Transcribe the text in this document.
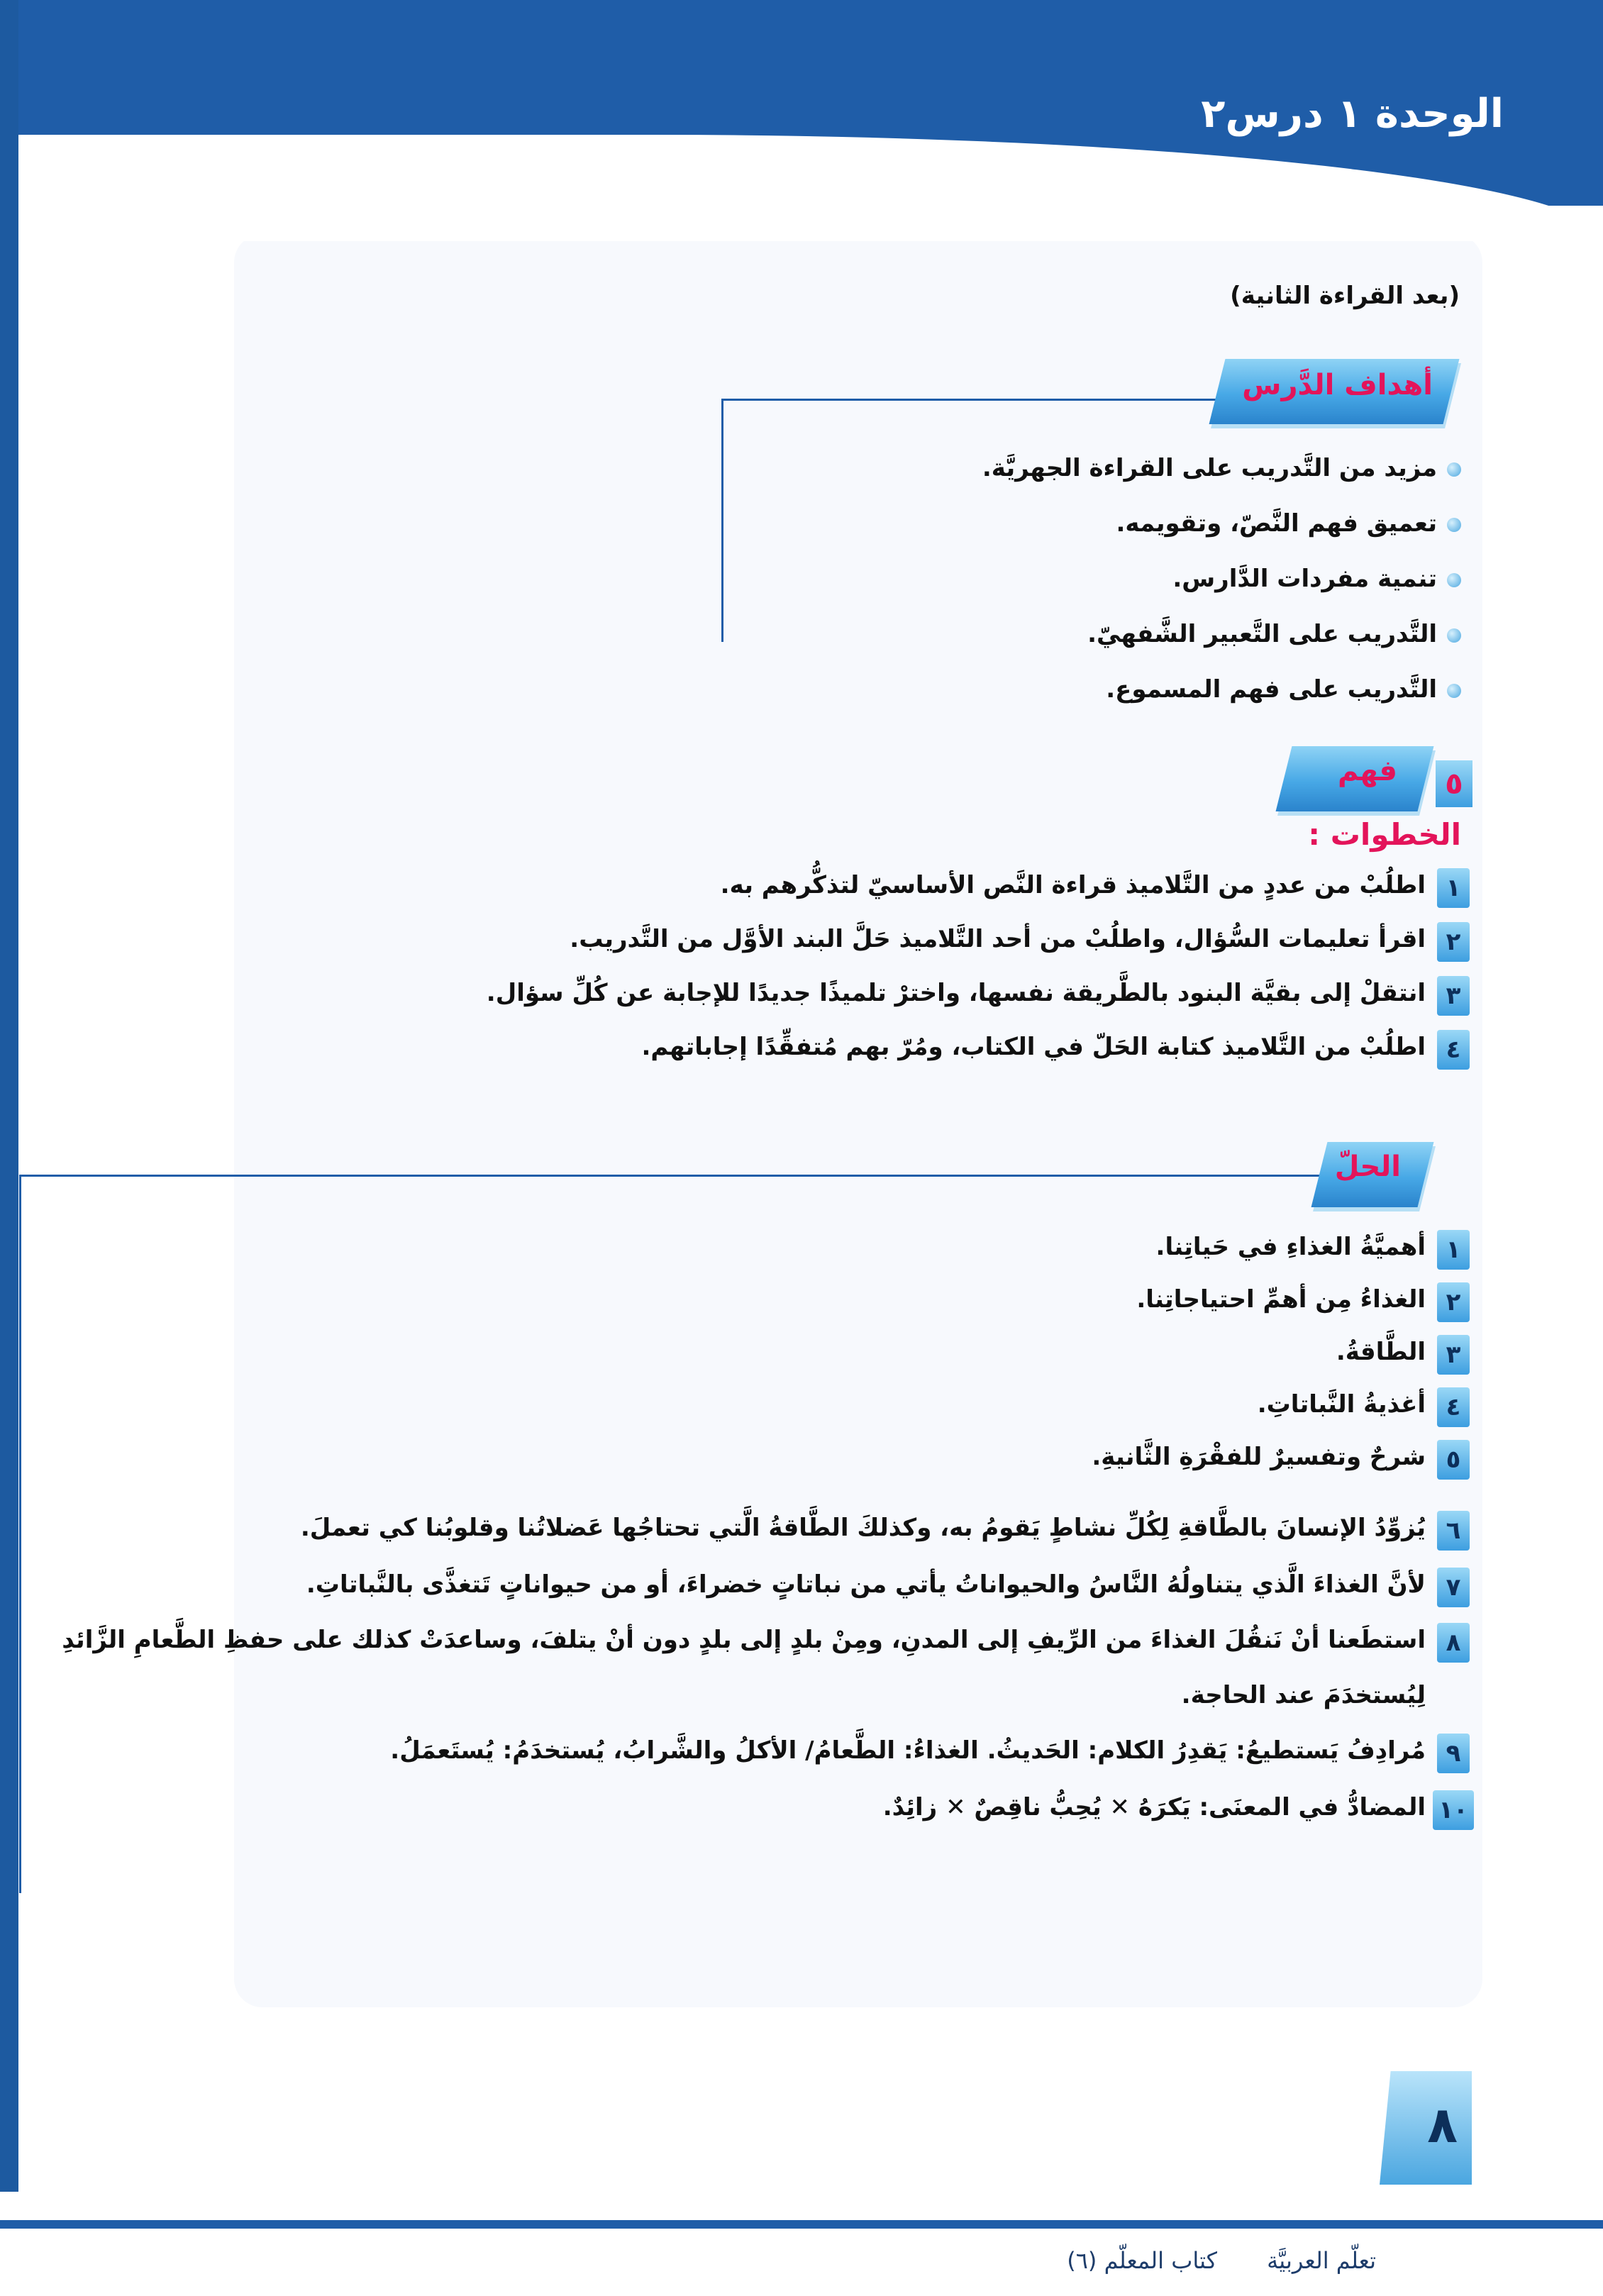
الوحدة ١ درس٢
(بعد القراءة الثانية)
أهداف الدَّرس
مزيد من التَّدريب على القراءة الجهريَّة.
تعميق فهم النَّصّ، وتقويمه.
تنمية مفردات الدَّارس.
التَّدريب على التَّعبير الشَّفهيّ.
التَّدريب على فهم المسموع.
فهم	٥
الخطوات :
١
اطلُبْ من عددٍ من التَّلاميذ قراءة النَّص الأساسيّ لتذكُّرهم به.
٢
اقرأ تعليمات السُّؤال، واطلُبْ من أحد التَّلاميذ حَلَّ البند الأوَّل من التَّدريب.
٣
انتقلْ إلى بقيَّة البنود بالطَّريقة نفسها، واخترْ تلميذًا جديدًا للإجابة عن كُلِّ سؤال.
٤
اطلُبْ من التَّلاميذ كتابة الحَلّ في الكتاب، ومُرّ بهم مُتفقِّدًا إجاباتهم.
الحلّ
١
أهميَّةُ الغذاءِ في حَياتِنا.
٢
الغذاءُ مِن أهمِّ احتياجاتِنا.
٣
الطَّاقةُ.
٤
أغذيةُ النَّباتاتِ.
٥
شرحٌ وتفسيرٌ للفقْرَةِ الثَّانيةِ.
٦
يُزوِّدُ الإنسانَ بالطَّاقةِ لِكُلِّ نشاطٍ يَقومُ به، وكذلكَ الطَّاقةُ الَّتي تحتاجُها عَضلاتُنا وقلوبُنا كي تعملَ.
٧
لأنَّ الغذاءَ الَّذي يتناولُهُ النَّاسُ والحيواناتُ يأتي من نباتاتٍ خضراءَ، أو من حيواناتٍ تَتغذَّى بالنَّباتاتِ.
٨
استطَعنا أنْ نَنقُلَ الغذاءَ من الرِّيفِ إلى المدنِ، ومِنْ بلدٍ إلى بلدٍ دون أنْ يتلفَ، وساعدَتْ كذلك على حفظِ الطَّعامِ الزَّائدِ
لِيُستخدَمَ عند الحاجة.
٩
مُرادِفُ يَستطيعُ: يَقدِرُ الكلام: الحَديثُ. الغذاءُ: الطَّعامُ/ الأكلُ والشَّرابُ، يُستخدَمُ: يُستَعمَلُ.
١٠
المضادُّ في المعنَى: يَكرَهُ ✕ يُحِبُّ ناقِصٌ ✕ زائِدٌ.
٨
تعلّم العربيَّة كتاب المعلّم (٦)
